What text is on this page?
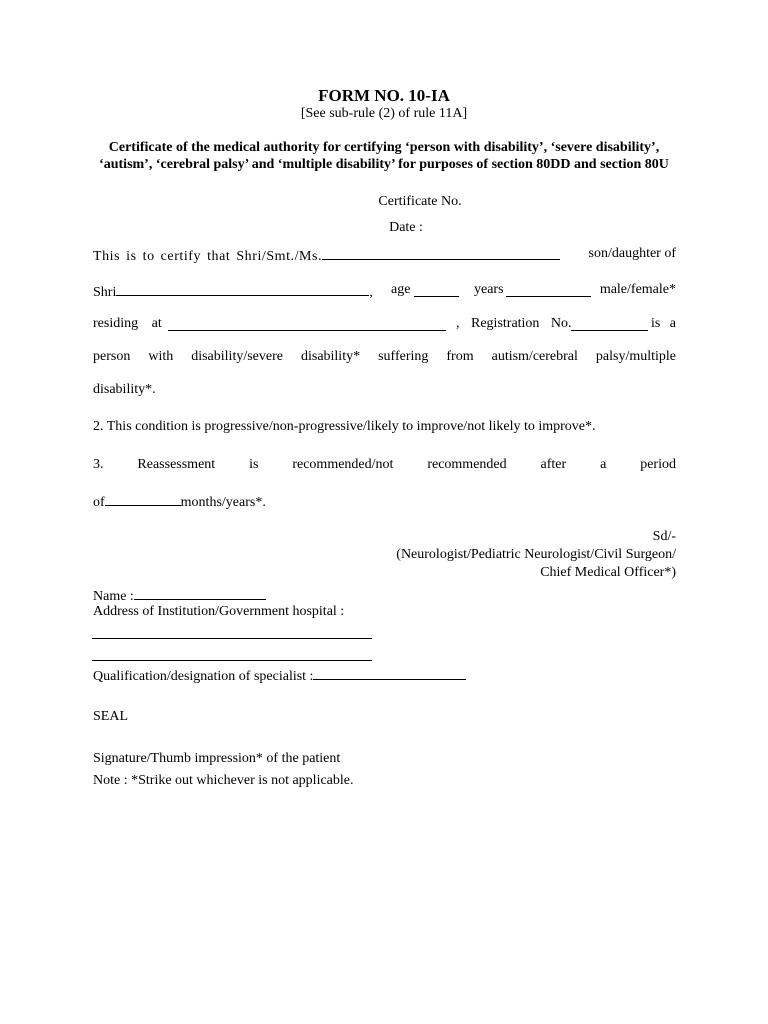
FORM NO. 10-IA
[See sub-rule (2) of rule 11A]
Certificate of the medical authority for certifying ‘person with disability’, ‘severe disability’, ‘autism’, ‘cerebral palsy’ and ‘multiple disability’ for purposes of section 80DD and section 80U
Certificate No.
Date :
This is to certify that Shri/Smt./Ms.	son/daughter of
Shri	, age	years	male/female*
residing at	, Registration No.	is a
person with disability/severe disability* suffering from autism/cerebral palsy/multiple
disability*.
2. This condition is progressive/non-progressive/likely to improve/not likely to improve*.
3. Reassessment is recommended/not recommended after a period
of	months/years*.
Sd/-
(Neurologist/Pediatric Neurologist/Civil Surgeon/
Chief Medical Officer*)
Name :
Address of Institution/Government hospital :
Qualification/designation of specialist :
SEAL
Signature/Thumb impression* of the patient
Note : *Strike out whichever is not applicable.
